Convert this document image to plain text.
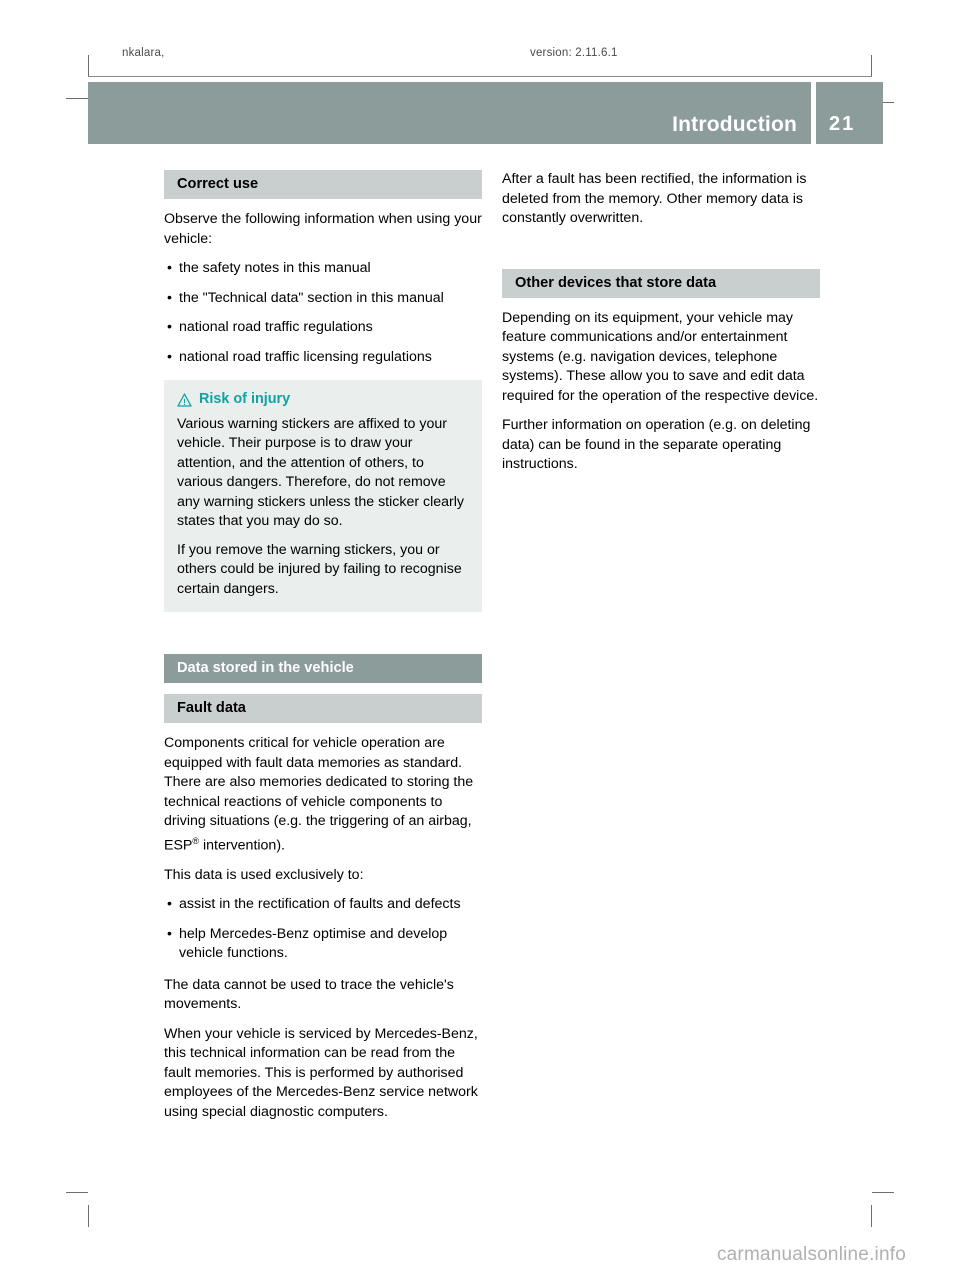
nkalara,	version: 2.11.6.1
Introduction 21
Correct use

Observe the following information when using your vehicle:

• the safety notes in this manual
• the "Technical data" section in this manual
• national road traffic regulations
• national road traffic licensing regulations
Risk of injury

Various warning stickers are affixed to your vehicle. Their purpose is to draw your attention, and the attention of others, to various dangers. Therefore, do not remove any warning stickers unless the sticker clearly states that you may do so.

If you remove the warning stickers, you or others could be injured by failing to recognise certain dangers.

Data stored in the vehicle
Fault data

Components critical for vehicle operation are equipped with fault data memories as standard. There are also memories dedicated to storing the technical reactions of vehicle components to driving situations (e.g. the triggering of an airbag, ESP® intervention).

This data is used exclusively to:

• assist in the rectification of faults and defects
• help Mercedes-Benz optimise and develop vehicle functions.

The data cannot be used to trace the vehicle's movements.

When your vehicle is serviced by Mercedes-Benz, this technical information can be read from the fault memories. This is performed by authorised employees of the Mercedes-Benz service network using special diagnostic computers.

After a fault has been rectified, the information is deleted from the memory. Other memory data is constantly overwritten.

Other devices that store data

Depending on its equipment, your vehicle may feature communications and/or entertainment systems (e.g. navigation devices, telephone systems). These allow you to save and edit data required for the operation of the respective device.

Further information on operation (e.g. on deleting data) can be found in the separate operating instructions.

carmanualsonline.info
